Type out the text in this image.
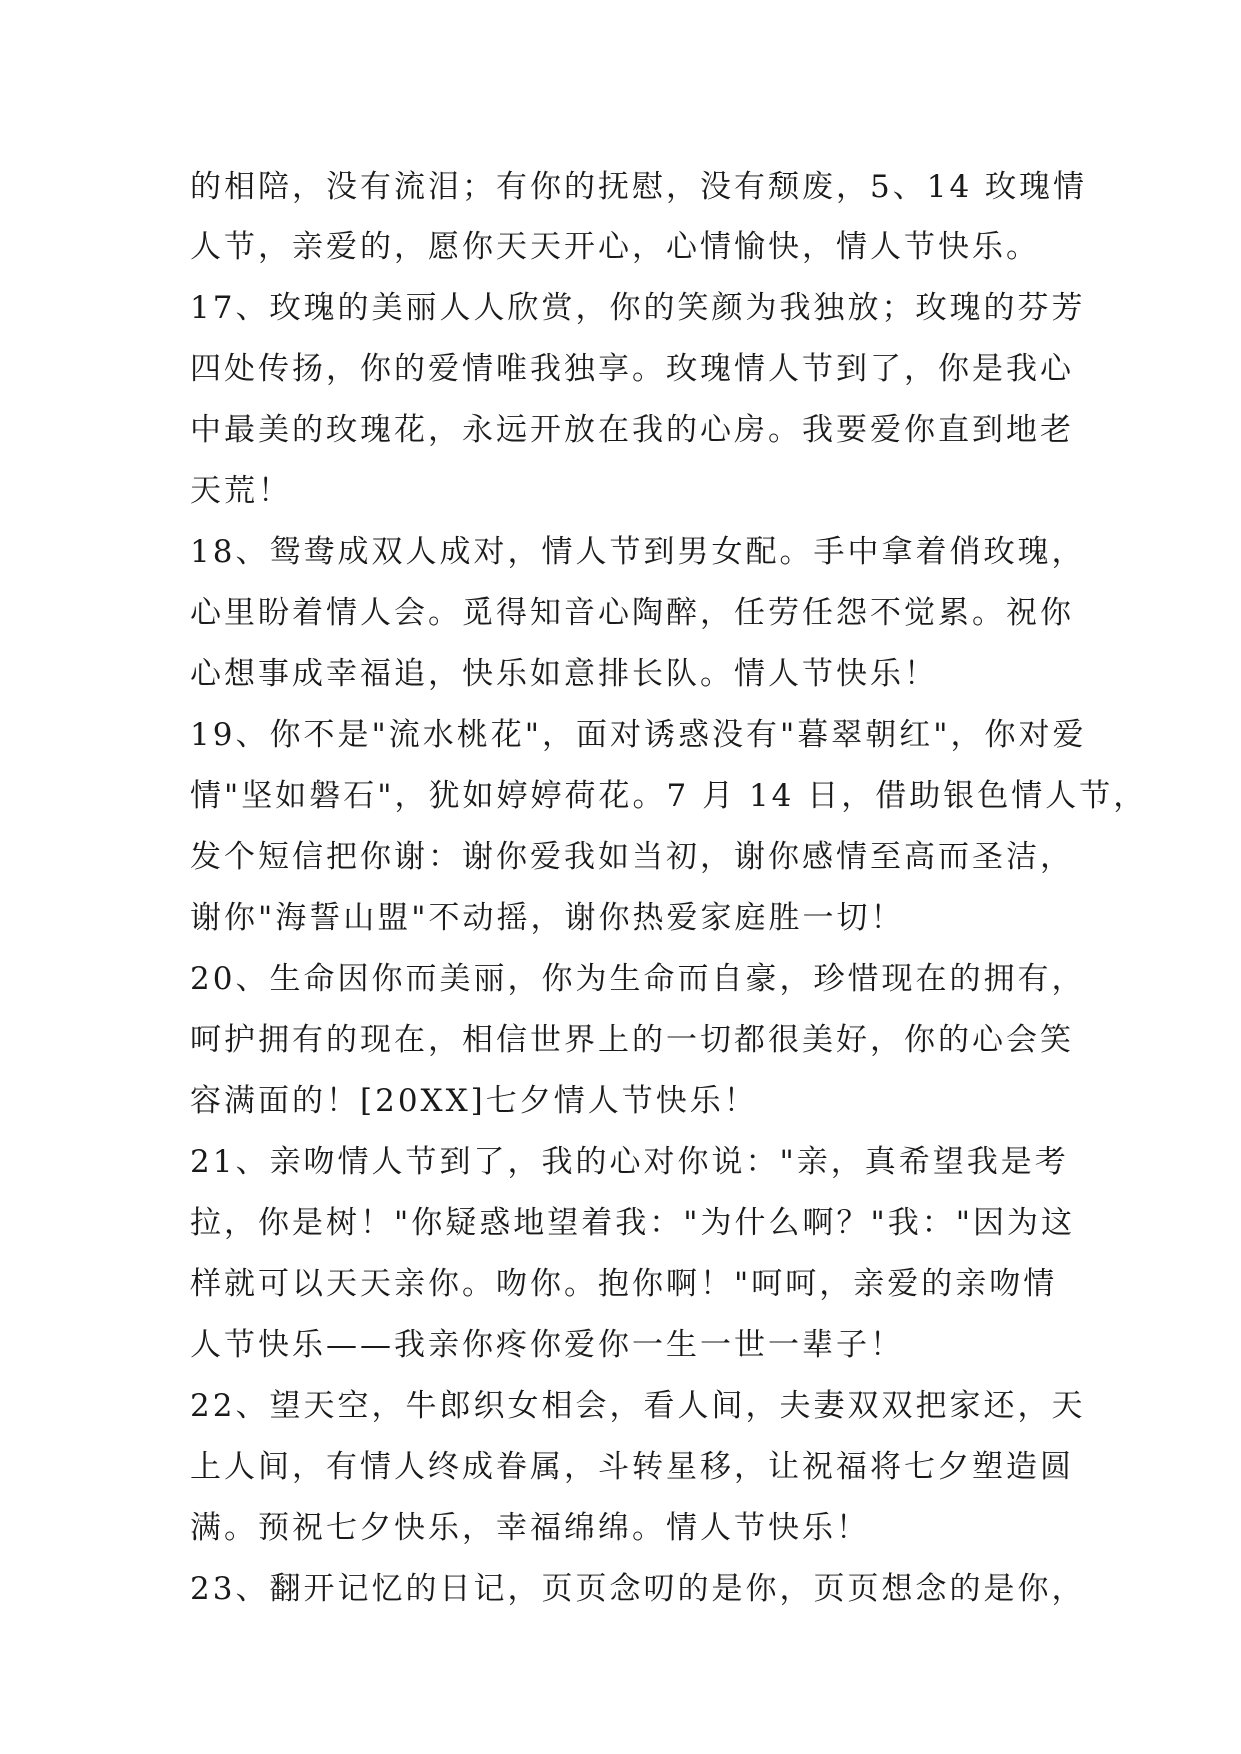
的相陪，没有流泪；有你的抚慰，没有颓废，5、14 玫瑰情
人节，亲爱的，愿你天天开心，心情愉快，情人节快乐。
17、玫瑰的美丽人人欣赏，你的笑颜为我独放；玫瑰的芬芳
四处传扬，你的爱情唯我独享。玫瑰情人节到了，你是我心
中最美的玫瑰花，永远开放在我的心房。我要爱你直到地老
天荒！
18、鸳鸯成双人成对，情人节到男女配。手中拿着俏玫瑰，
心里盼着情人会。觅得知音心陶醉，任劳任怨不觉累。祝你
心想事成幸福追，快乐如意排长队。情人节快乐！
19、你不是"流水桃花"，面对诱惑没有"暮翠朝红"，你对爱
情"坚如磐石"，犹如婷婷荷花。7 月 14 日，借助银色情人节，
发个短信把你谢：谢你爱我如当初，谢你感情至高而圣洁，
谢你"海誓山盟"不动摇，谢你热爱家庭胜一切！
20、生命因你而美丽，你为生命而自豪，珍惜现在的拥有，
呵护拥有的现在，相信世界上的一切都很美好，你的心会笑
容满面的！[20XX]七夕情人节快乐！
21、亲吻情人节到了，我的心对你说："亲，真希望我是考
拉，你是树！"你疑惑地望着我："为什么啊？"我："因为这
样就可以天天亲你。吻你。抱你啊！"呵呵，亲爱的亲吻情
人节快乐——我亲你疼你爱你一生一世一辈子！
22、望天空，牛郎织女相会，看人间，夫妻双双把家还，天
上人间，有情人终成眷属，斗转星移，让祝福将七夕塑造圆
满。预祝七夕快乐，幸福绵绵。情人节快乐！
23、翻开记忆的日记，页页念叨的是你，页页想念的是你，
